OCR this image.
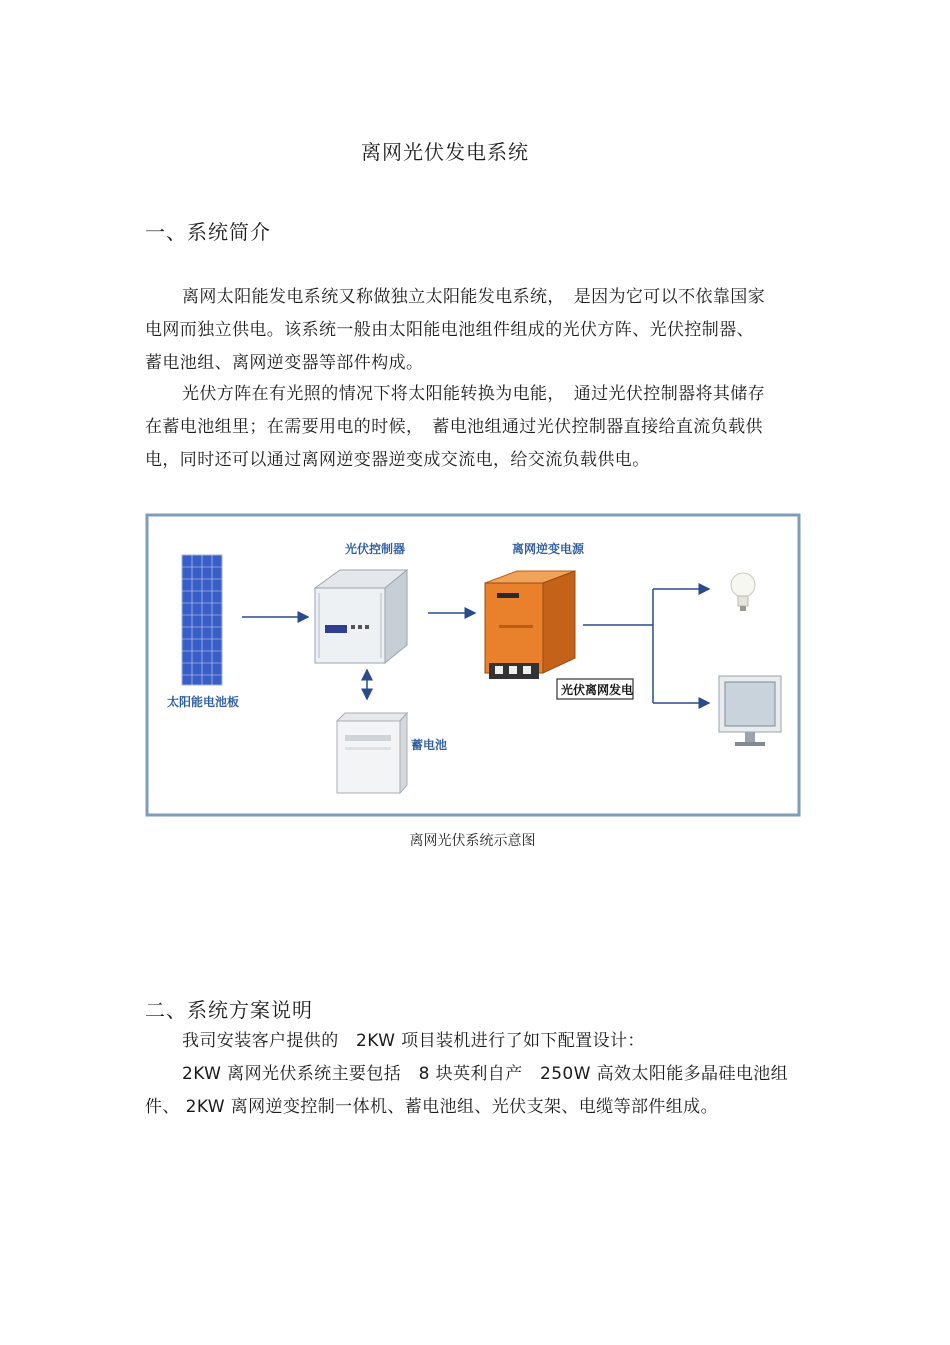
离网光伏发电系统
一、系统简介
离网太阳能发电系统又称做独立太阳能发电系统，　是因为它可以不依靠国家
电网而独立供电。该系统一般由太阳能电池组件组成的光伏方阵、光伏控制器、
蓄电池组、离网逆变器等部件构成。
光伏方阵在有光照的情况下将太阳能转换为电能，　通过光伏控制器将其储存
在蓄电池组里；在需要用电的时候，　蓄电池组通过光伏控制器直接给直流负载供
电，同时还可以通过离网逆变器逆变成交流电，给交流负载供电。
太阳能电池板
光伏控制器
蓄电池
离网逆变电源
光伏离网发电
离网光伏系统示意图
二、系统方案说明
我司安装客户提供的　2KW 项目装机进行了如下配置设计：
2KW 离网光伏系统主要包括　8 块英利自产　250W 高效太阳能多晶硅电池组
件、 2KW 离网逆变控制一体机、蓄电池组、光伏支架、电缆等部件组成。
